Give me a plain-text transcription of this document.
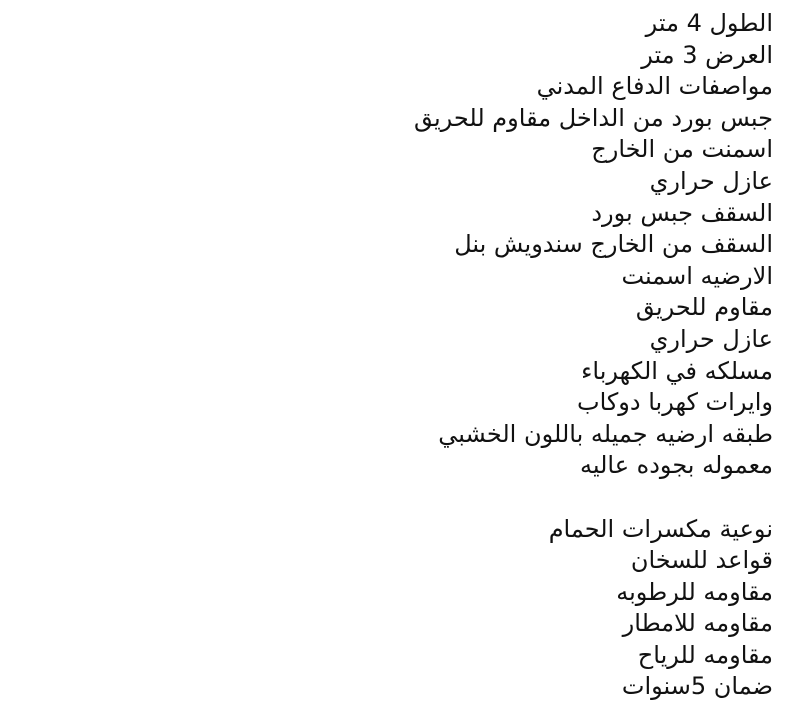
الطول 4 متر
العرض 3 متر
مواصفات الدفاع المدني
جبس بورد من الداخل مقاوم للحريق
اسمنت من الخارج
عازل حراري
السقف جبس بورد
السقف من الخارج سندويش بنل
الارضيه اسمنت
مقاوم للحريق
عازل حراري
مسلكه في الكهرباء
وايرات كهربا دوكاب
طبقه ارضيه جميله باللون الخشبي
معموله بجوده عاليه
نوعية مكسرات الحمام
قواعد للسخان
مقاومه للرطوبه
مقاومه للامطار
مقاومه للرياح
ضمان 5سنوات
